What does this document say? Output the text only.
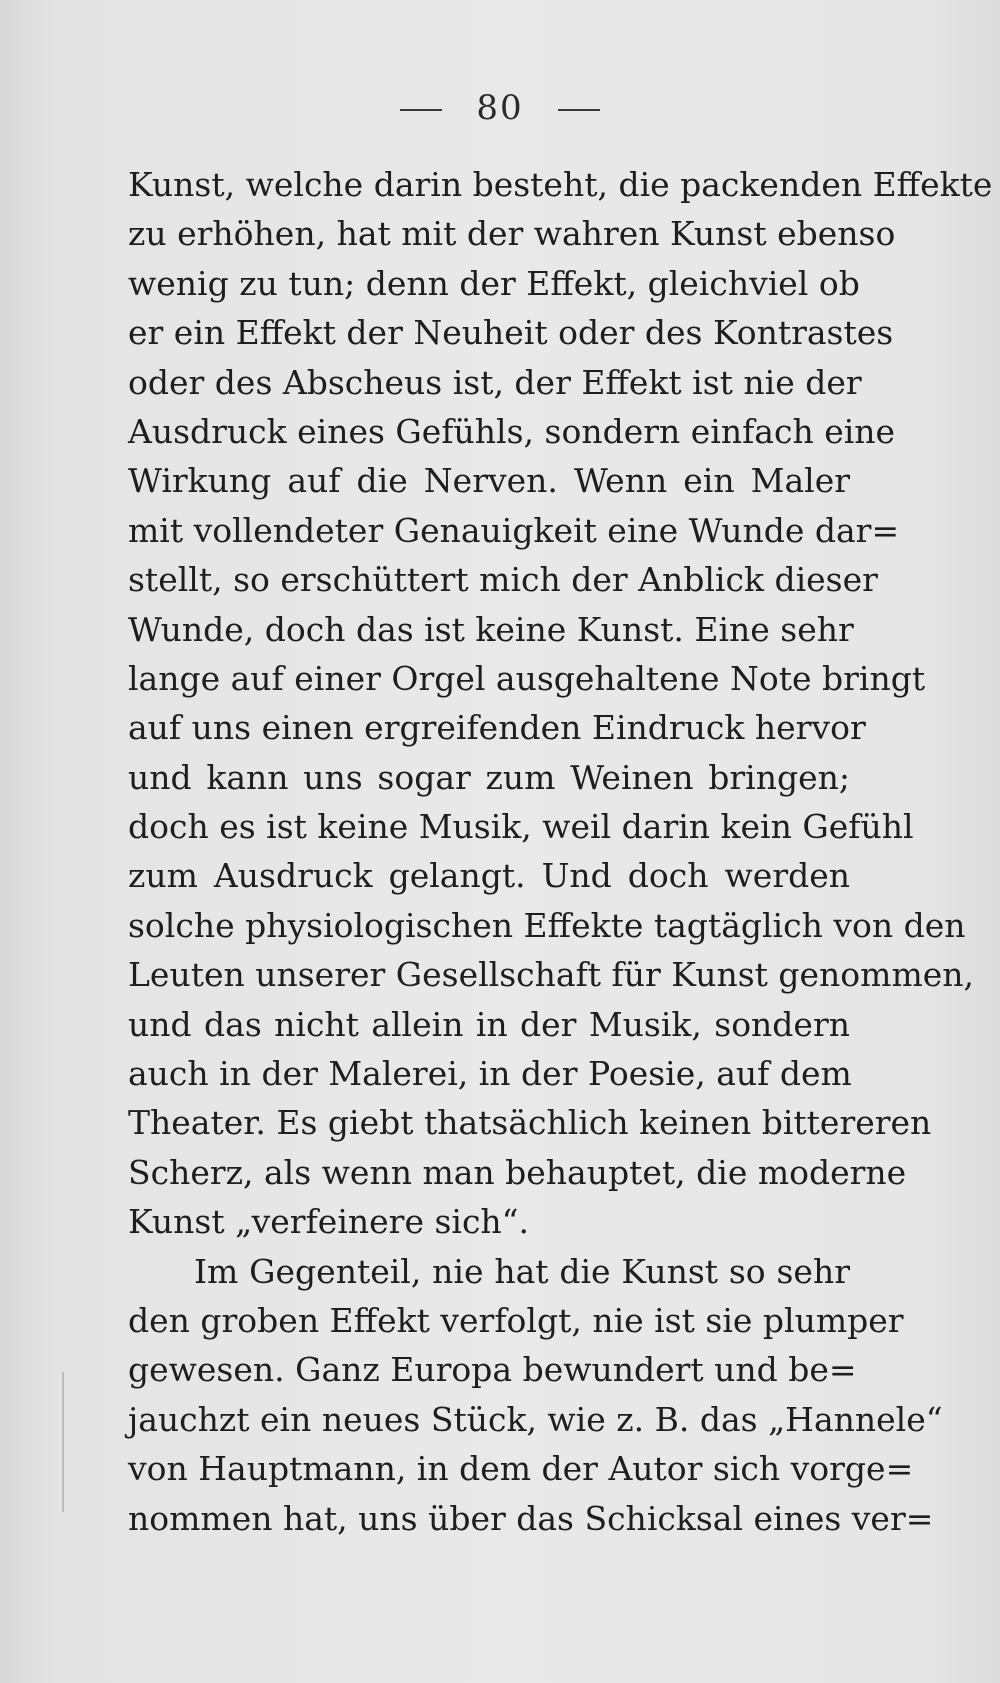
80
Kunst, welche darin besteht, die packenden Effekte
zu erhöhen, hat mit der wahren Kunst ebenso
wenig zu tun; denn der Effekt, gleichviel ob
er ein Effekt der Neuheit oder des Kontrastes
oder des Abscheus ist, der Effekt ist nie der
Ausdruck eines Gefühls, sondern einfach eine
Wirkung auf die Nerven. Wenn ein Maler
mit vollendeter Genauigkeit eine Wunde dar=
stellt, so erschüttert mich der Anblick dieser
Wunde, doch das ist keine Kunst. Eine sehr
lange auf einer Orgel ausgehaltene Note bringt
auf uns einen ergreifenden Eindruck hervor
und kann uns sogar zum Weinen bringen;
doch es ist keine Musik, weil darin kein Gefühl
zum Ausdruck gelangt. Und doch werden
solche physiologischen Effekte tagtäglich von den
Leuten unserer Gesellschaft für Kunst genommen,
und das nicht allein in der Musik, sondern
auch in der Malerei, in der Poesie, auf dem
Theater. Es giebt thatsächlich keinen bittereren
Scherz, als wenn man behauptet, die moderne
Kunst „verfeinere sich“.
Im Gegenteil, nie hat die Kunst so sehr
den groben Effekt verfolgt, nie ist sie plumper
gewesen. Ganz Europa bewundert und be=
jauchzt ein neues Stück, wie z. B. das „Hannele“
von Hauptmann, in dem der Autor sich vorge=
nommen hat, uns über das Schicksal eines ver=
